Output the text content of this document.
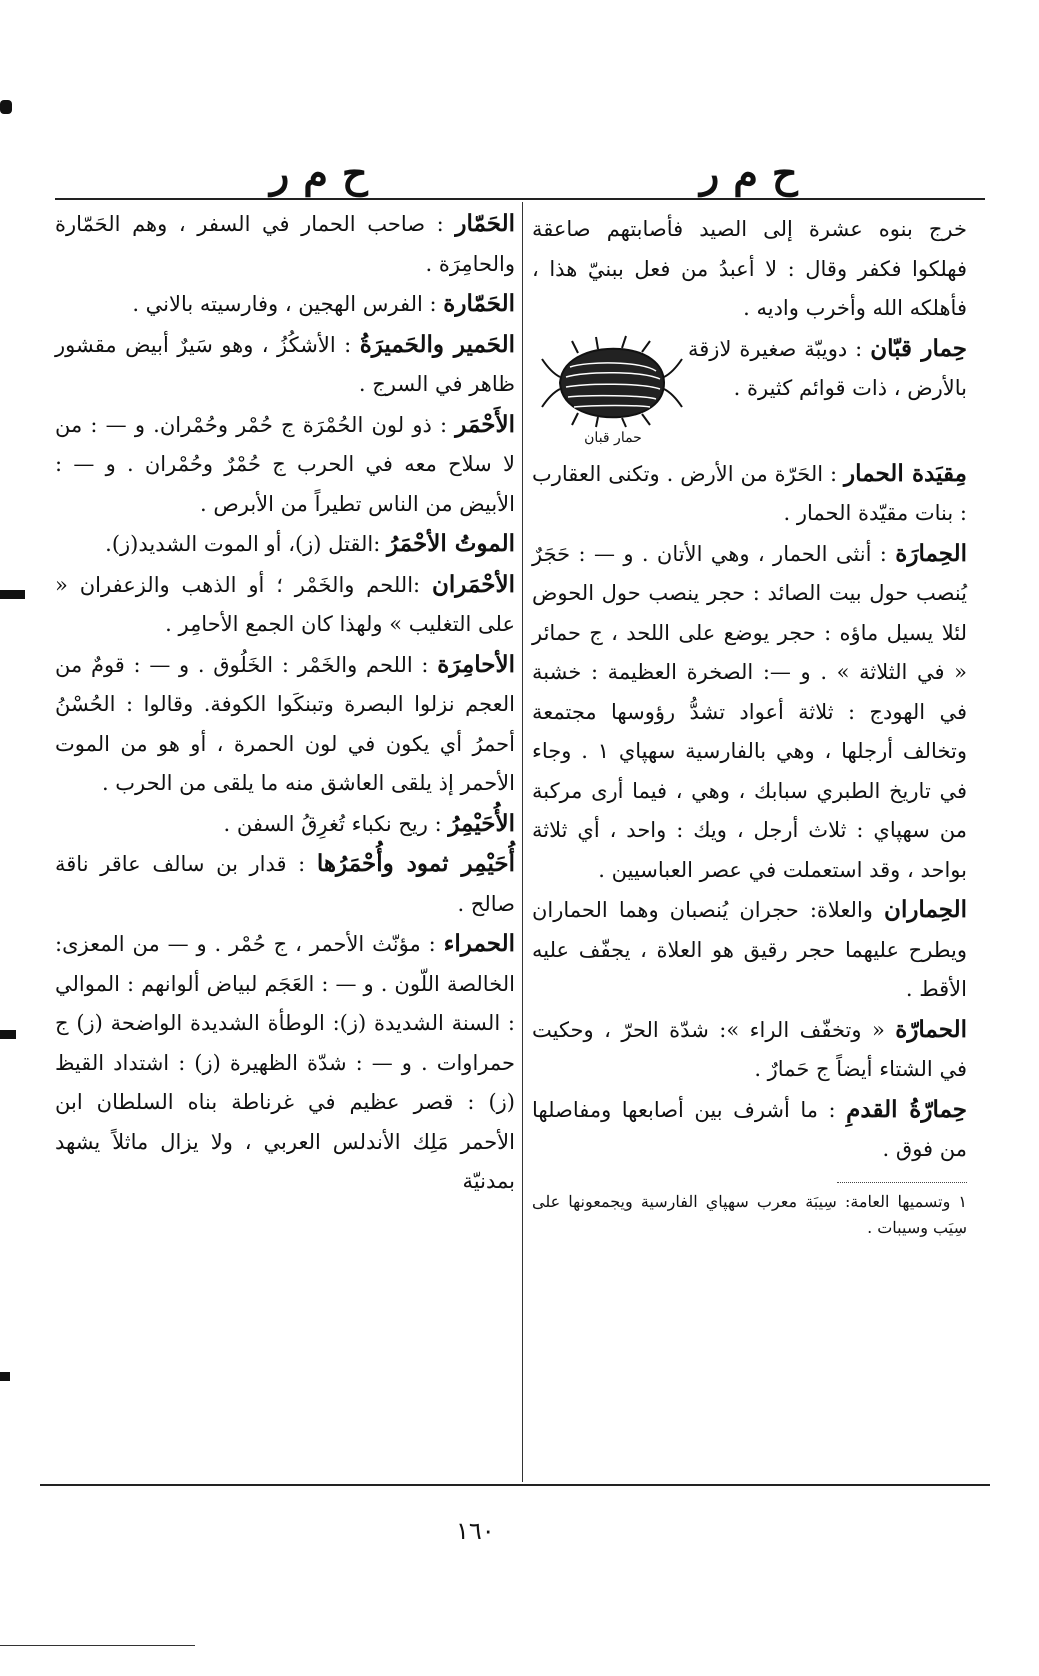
ح م ر
ح م ر

خرج بنوه عشرة إلى الصيد فأصابتهم صاعقة فهلكوا فكفر وقال : لا أعبدُ من فعل ببنيّ هذا ، فأهلكه الله وأخرب واديه .

حمار قبان

حِمار قبّان : دويبّة صغيرة لازقة بالأرض ، ذات قوائم كثيرة .

مِقيَدة الحمار : الحَرّة من الأرض . وتكنى العقارب : بنات مقيّدة الحمار .

الحِمارَة : أنثى الحمار ، وهي الأتان . و — : حَجَرٌ يُنصب حول بيت الصائد : حجر ينصب حول الحوض لئلا يسيل ماؤه : حجر يوضع على اللحد ، ج حمائر « في الثلاثة » . و —: الصخرة العظيمة : خشبة في الهودج : ثلاثة أعواد تشدُّ رؤوسها مجتمعة وتخالف أرجلها ، وهي بالفارسية سهپاي ١ . وجاء في تاريخ الطبري سبابك ، وهي ، فيما أرى مركبة من سهپاي : ثلاث أرجل ، ويك : واحد ، أي ثلاثة بواحد ، وقد استعملت في عصر العباسيين .

الحِماران والعلاة: حجران يُنصبان وهما الحماران ويطرح عليهما حجر رقيق هو العلاة ، يجفّف عليه الأقط .

الحمارّة « وتخفّف الراء »: شدّة الحرّ ، وحكيت في الشتاء أيضاً ج حَمارٌ .

حِمارّةُ القدمِ : ما أشرف بين أصابعها ومفاصلها من فوق .

١ وتسميها العامة: سِيبَة معرب سهپاي الفارسية ويجمعونها على سِيَب وسيبات .

الحَمّار : صاحب الحمار في السفر ، وهم الحَمّارة والحامِرَة .

الحَمّارة : الفرس الهجين ، وفارسيته بالاني .

الحَمير والحَميرَةُ : الأشكُزُ ، وهو سَيرٌ أبيض مقشور ظاهر في السرج .

الأَحْمَر : ذو لون الحُمْرَة ج حُمْر وحُمْران. و — : من لا سلاح معه في الحرب ج حُمْرٌ وحُمْران . و — : الأبيض من الناس تطيراً من الأبرص .

الموتُ الأحْمَرُ :القتل (ز)، أو الموت الشديد(ز).

الأحْمَران :اللحم والخَمْر ؛ أو الذهب والزعفران « على التغليب » ولهذا كان الجمع الأحامِر .

الأحامِرَة : اللحم والخَمْر : الخَلُوق . و — : قومٌ من العجم نزلوا البصرة وتبنكَوا الكوفة. وقالوا : الحُسْنُ أحمرُ أي يكون في لون الحمرة ، أو هو من الموت الأحمر إذ يلقى العاشق منه ما يلقى من الحرب .

الأُحَيْمِرُ : ريح نكباء تُغرِقُ السفن .

أُحَيْمِر ثمود وأُحْمَرُها : قدار بن سالف عاقر ناقة صالح .

الحمراء : مؤنّث الأحمر ، ج حُمْر . و — من المعزى: الخالصة اللّون . و — : العَجَم لبياض ألوانهم : الموالي : السنة الشديدة (ز): الوطأة الشديدة الواضحة (ز) ج حمراوات . و — : شدّة الظهيرة (ز) : اشتداد القيظ (ز) : قصر عظيم في غرناطة بناه السلطان ابن الأحمر مَلِك الأندلس العربي ، ولا يزال ماثلاً يشهد بمدنيّة

١٦٠
